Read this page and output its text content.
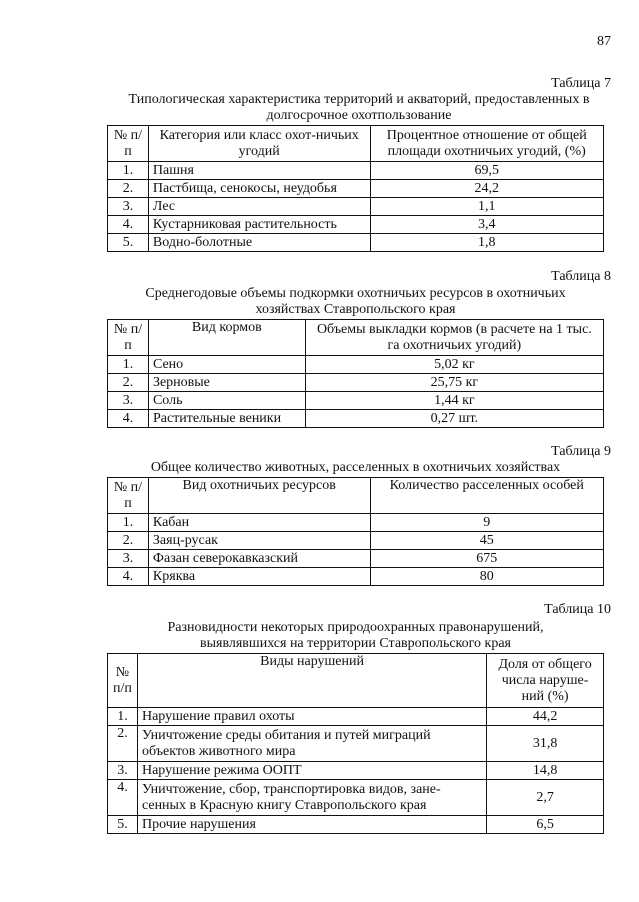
87
Таблица 7
Типологическая характеристика территорий и акваторий, предоставленных в
долгосрочное охотпользование
№ п/п	Категория или класс охот-ничьих угодий	Процентное отношение от общей площади охотничьих угодий, (%)
1.	Пашня	69,5
2.	Пастбища, сенокосы, неудобья	24,2
3.	Лес	1,1
4.	Кустарниковая растительность	3,4
5.	Водно-болотные	1,8
Таблица 8
Среднегодовые объемы подкормки охотничьих ресурсов в охотничьих
хозяйствах Ставропольского края
№ п/п	Вид кормов	Объемы выкладки кормов (в расчете на 1 тыс. га охотничьих угодий)
1.	Сено	5,02 кг
2.	Зерновые	25,75 кг
3.	Соль	1,44 кг
4.	Растительные веники	0,27 шт.
Таблица 9
Общее количество животных, расселенных в охотничьих хозяйствах
№ п/п	Вид охотничьих ресурсов	Количество расселенных особей
1.	Кабан	9
2.	Заяц-русак	45
3.	Фазан северокавказский	675
4.	Кряква	80
Таблица 10
Разновидности некоторых природоохранных правонарушений,
выявлявшихся на территории Ставропольского края
№ п/п	Виды нарушений	Доля от общего числа наруше-ний (%)
1.	Нарушение правил охоты	44,2
2.	Уничтожение среды обитания и путей миграций объектов животного мира	31,8
3.	Нарушение режима ООПТ	14,8
4.	Уничтожение, сбор, транспортировка видов, зане-сенных в Красную книгу Ставропольского края	2,7
5.	Прочие нарушения	6,5
